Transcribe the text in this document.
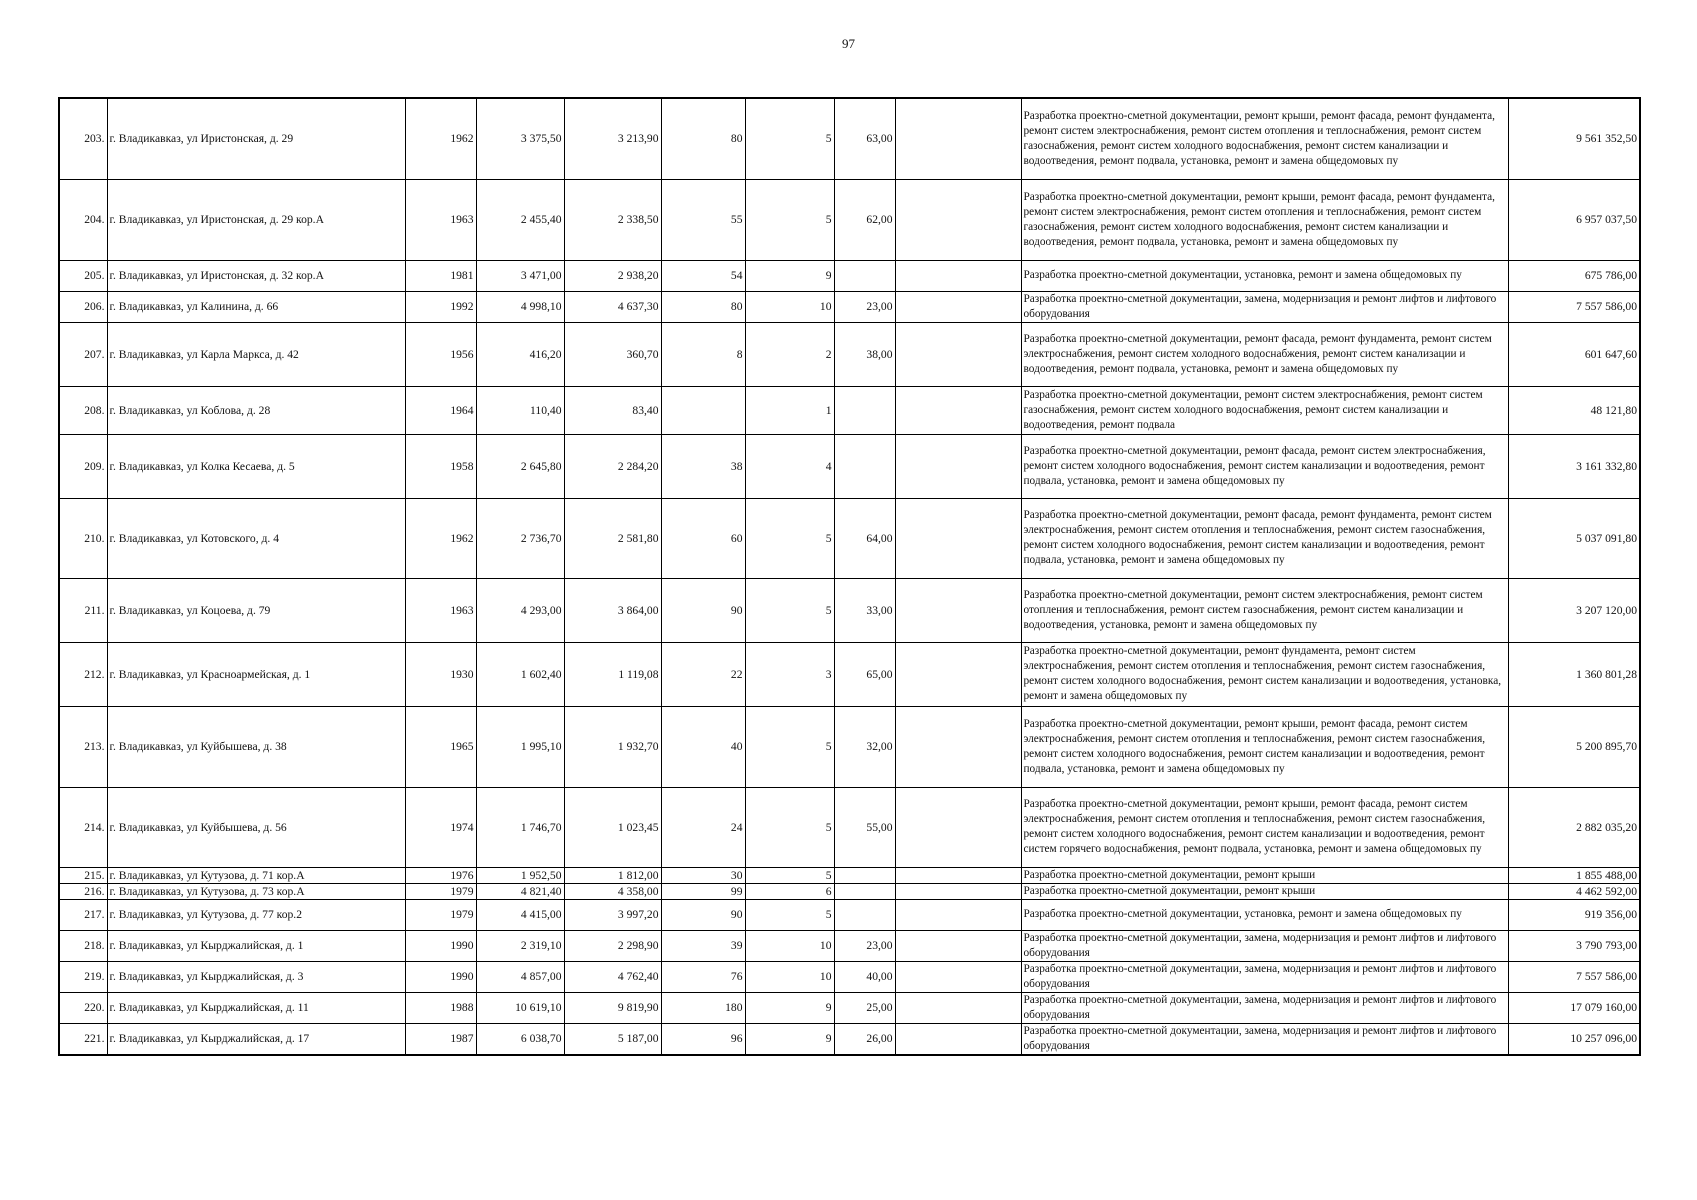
97
203.	г. Владикавказ, ул Иристонская, д. 29	1962	3 375,50	3 213,90	80	5	63,00		Разработка проектно-сметной документации, ремонт крыши, ремонт фасада, ремонт фундамента, ремонт систем электроснабжения, ремонт систем отопления и теплоснабжения, ремонт систем газоснабжения, ремонт систем холодного водоснабжения, ремонт систем канализации и водоотведения, ремонт подвала, установка, ремонт и замена общедомовых пу	9 561 352,50
204.	г. Владикавказ, ул Иристонская, д. 29 кор.А	1963	2 455,40	2 338,50	55	5	62,00		Разработка проектно-сметной документации, ремонт крыши, ремонт фасада, ремонт фундамента, ремонт систем электроснабжения, ремонт систем отопления и теплоснабжения, ремонт систем газоснабжения, ремонт систем холодного водоснабжения, ремонт систем канализации и водоотведения, ремонт подвала, установка, ремонт и замена общедомовых пу	6 957 037,50
205.	г. Владикавказ, ул Иристонская, д. 32 кор.А	1981	3 471,00	2 938,20	54	9			Разработка проектно-сметной документации, установка, ремонт и замена общедомовых пу	675 786,00
206.	г. Владикавказ, ул Калинина, д. 66	1992	4 998,10	4 637,30	80	10	23,00		Разработка проектно-сметной документации, замена, модернизация и ремонт лифтов и лифтового оборудования	7 557 586,00
207.	г. Владикавказ, ул Карла Маркса, д. 42	1956	416,20	360,70	8	2	38,00		Разработка проектно-сметной документации, ремонт фасада, ремонт фундамента, ремонт систем электроснабжения, ремонт систем холодного водоснабжения, ремонт систем канализации и водоотведения, ремонт подвала, установка, ремонт и замена общедомовых пу	601 647,60
208.	г. Владикавказ, ул Коблова, д. 28	1964	110,40	83,40		1			Разработка проектно-сметной документации, ремонт систем электроснабжения, ремонт систем газоснабжения, ремонт систем холодного водоснабжения, ремонт систем канализации и водоотведения, ремонт подвала	48 121,80
209.	г. Владикавказ, ул Колка Кесаева, д. 5	1958	2 645,80	2 284,20	38	4			Разработка проектно-сметной документации, ремонт фасада, ремонт систем электроснабжения, ремонт систем холодного водоснабжения, ремонт систем канализации и водоотведения, ремонт подвала, установка, ремонт и замена общедомовых пу	3 161 332,80
210.	г. Владикавказ, ул Котовского, д. 4	1962	2 736,70	2 581,80	60	5	64,00		Разработка проектно-сметной документации, ремонт фасада, ремонт фундамента, ремонт систем электроснабжения, ремонт систем отопления и теплоснабжения, ремонт систем газоснабжения, ремонт систем холодного водоснабжения, ремонт систем канализации и водоотведения, ремонт подвала, установка, ремонт и замена общедомовых пу	5 037 091,80
211.	г. Владикавказ, ул Коцоева, д. 79	1963	4 293,00	3 864,00	90	5	33,00		Разработка проектно-сметной документации, ремонт систем электроснабжения, ремонт систем отопления и теплоснабжения, ремонт систем газоснабжения, ремонт систем канализации и водоотведения, установка, ремонт и замена общедомовых пу	3 207 120,00
212.	г. Владикавказ, ул Красноармейская, д. 1	1930	1 602,40	1 119,08	22	3	65,00		Разработка проектно-сметной документации, ремонт фундамента, ремонт систем электроснабжения, ремонт систем отопления и теплоснабжения, ремонт систем газоснабжения, ремонт систем холодного водоснабжения, ремонт систем канализации и водоотведения, установка, ремонт и замена общедомовых пу	1 360 801,28
213.	г. Владикавказ, ул Куйбышева, д. 38	1965	1 995,10	1 932,70	40	5	32,00		Разработка проектно-сметной документации, ремонт крыши, ремонт фасада, ремонт систем электроснабжения, ремонт систем отопления и теплоснабжения, ремонт систем газоснабжения, ремонт систем холодного водоснабжения, ремонт систем канализации и водоотведения, ремонт подвала, установка, ремонт и замена общедомовых пу	5 200 895,70
214.	г. Владикавказ, ул Куйбышева, д. 56	1974	1 746,70	1 023,45	24	5	55,00		Разработка проектно-сметной документации, ремонт крыши, ремонт фасада, ремонт систем электроснабжения, ремонт систем отопления и теплоснабжения, ремонт систем газоснабжения, ремонт систем холодного водоснабжения, ремонт систем канализации и водоотведения, ремонт систем горячего водоснабжения, ремонт подвала, установка, ремонт и замена общедомовых пу	2 882 035,20
215.	г. Владикавказ, ул Кутузова, д. 71 кор.А	1976	1 952,50	1 812,00	30	5			Разработка проектно-сметной документации, ремонт крыши	1 855 488,00
216.	г. Владикавказ, ул Кутузова, д. 73 кор.А	1979	4 821,40	4 358,00	99	6			Разработка проектно-сметной документации, ремонт крыши	4 462 592,00
217.	г. Владикавказ, ул Кутузова, д. 77 кор.2	1979	4 415,00	3 997,20	90	5			Разработка проектно-сметной документации, установка, ремонт и замена общедомовых пу	919 356,00
218.	г. Владикавказ, ул Кырджалийская, д. 1	1990	2 319,10	2 298,90	39	10	23,00		Разработка проектно-сметной документации, замена, модернизация и ремонт лифтов и лифтового оборудования	3 790 793,00
219.	г. Владикавказ, ул Кырджалийская, д. 3	1990	4 857,00	4 762,40	76	10	40,00		Разработка проектно-сметной документации, замена, модернизация и ремонт лифтов и лифтового оборудования	7 557 586,00
220.	г. Владикавказ, ул Кырджалийская, д. 11	1988	10 619,10	9 819,90	180	9	25,00		Разработка проектно-сметной документации, замена, модернизация и ремонт лифтов и лифтового оборудования	17 079 160,00
221.	г. Владикавказ, ул Кырджалийская, д. 17	1987	6 038,70	5 187,00	96	9	26,00		Разработка проектно-сметной документации, замена, модернизация и ремонт лифтов и лифтового оборудования	10 257 096,00
